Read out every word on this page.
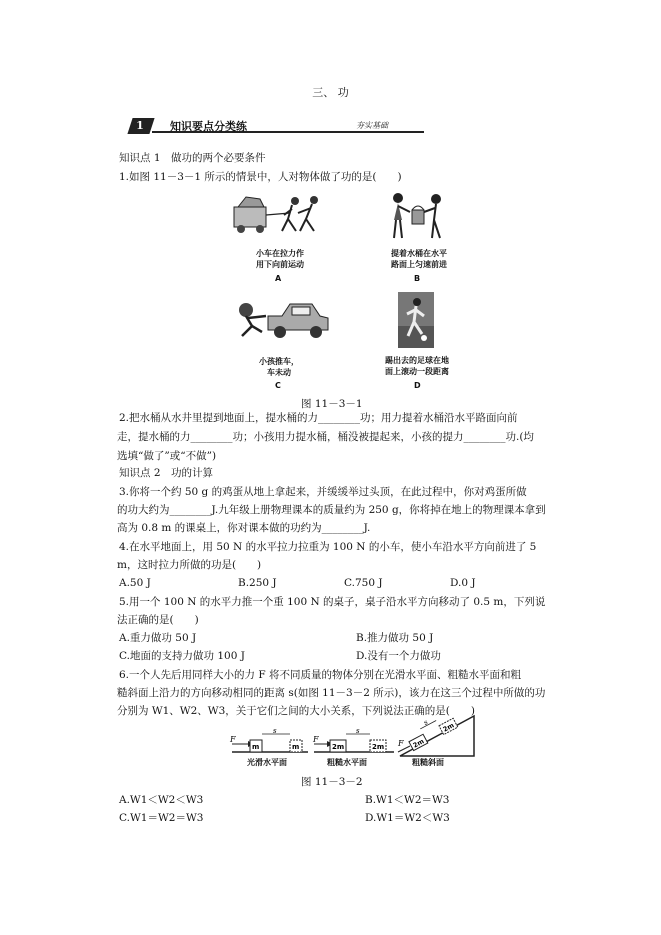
三、 功
1 知识要点分类练	夯实基础
知识点 1　做功的两个必要条件
1.如图 11－3－1 所示的情景中，人对物体做了功的是(　　)
小车在拉力作
用下向前运动
A
提着水桶在水平
路面上匀速前进
B
小孩推车，
车未动
C
踢出去的足球在地
面上滚动一段距离
D
图 11－3－1
2.把水桶从水井里提到地面上，提水桶的力________功；用力提着水桶沿水平路面向前
走，提水桶的力________功；小孩用力提水桶，桶没被提起来，小孩的提力________功.(均
选填“做了”或“不做”)
知识点 2　功的计算
3.你将一个约 50 g 的鸡蛋从地上拿起来，并缓缓举过头顶，在此过程中，你对鸡蛋所做
的功大约为________J.九年级上册物理课本的质量约为 250 g，你将掉在地上的物理课本拿到
高为 0.8 m 的课桌上，你对课本做的功约为________J.
4.在水平地面上，用 50 N 的水平拉力拉重为 100 N 的小车，使小车沿水平方向前进了 5
m，这时拉力所做的功是(　　)
A.50 J	B.250 J	C.750 J	D.0 J
5.用一个 100 N 的水平力推一个重 100 N 的桌子，桌子沿水平方向移动了 0.5 m，下列说
法正确的是(　　)
A.重力做功 50 J	B.推力做功 50 J
C.地面的支持力做功 100 J	D.没有一个力做功
6.一个人先后用同样大小的力 F 将不同质量的物体分别在光滑水平面、粗糙水平面和粗
糙斜面上沿力的方向移动相同的距离 s(如图 11－3－2 所示)，该力在这三个过程中所做的功
分别为 W1、W2、W3，关于它们之间的大小关系，下列说法正确的是(　　)
F
m	m
s
F
2m	2m
s
2m
2m
s
F
光滑水平面	粗糙水平面	粗糙斜面
图 11－3－2
A.W1＜W2＜W3	B.W1＜W2＝W3
C.W1＝W2＝W3	D.W1＝W2＜W3
